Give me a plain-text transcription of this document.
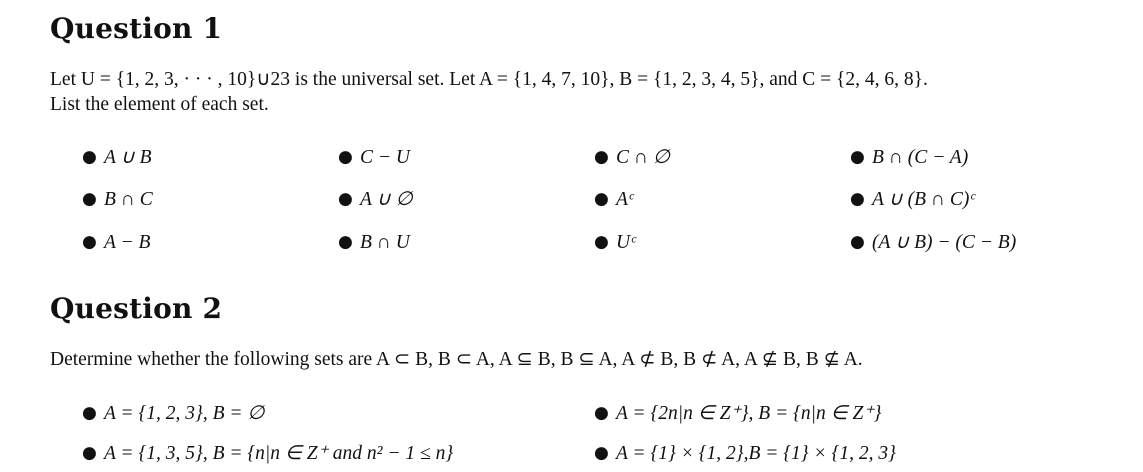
Question 1

Let U = {1, 2, 3, · · · , 10}∪23 is the universal set. Let A = {1, 4, 7, 10}, B = {1, 2, 3, 4, 5}, and C = {2, 4, 6, 8}.

List the element of each set.

● A ∪ B	● C − U	● C ∩ ∅	● B ∩ (C − A)
● B ∩ C	● A ∪ ∅	● Aᶜ	● A ∪ (B ∩ C)ᶜ
● A − B	● B ∩ U	● Uᶜ	● (A ∪ B) − (C − B)
Question 2

Determine whether the following sets are A ⊂ B, B ⊂ A, A ⊆ B, B ⊆ A, A ⊄ B, B ⊄ A, A ⊈ B, B ⊈ A.

● A = {1, 2, 3}, B = ∅	● A = {2n|n ∈ Z⁺}, B = {n|n ∈ Z⁺}
● A = {1, 3, 5}, B = {n|n ∈ Z⁺ and n² − 1 ≤ n}	● A = {1} × {1, 2},B = {1} × {1, 2, 3}
